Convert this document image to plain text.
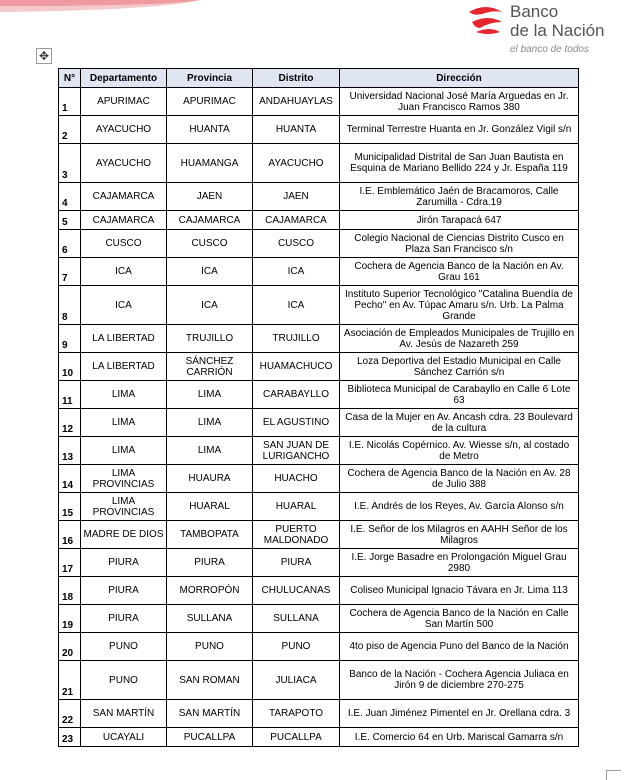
Banco
de la Nación
el banco de todos
✥
N°	Departamento	Provincia	Distrito	Dirección
1	APURIMAC	APURIMAC	ANDAHUAYLAS	Universidad Nacional José María Arguedas en Jr. Juan Francisco Ramos 380
2	AYACUCHO	HUANTA	HUANTA	Terminal Terrestre Huanta en Jr. González Vigil s/n
3	AYACUCHO	HUAMANGA	AYACUCHO	Municipalidad Distrital de San Juan Bautista en Esquina de Mariano Bellido 224 y Jr. España 119
4	CAJAMARCA	JAEN	JAEN	I.E. Emblemático Jaén de Bracamoros, Calle Zarumilla - Cdra.19
5	CAJAMARCA	CAJAMARCA	CAJAMARCA	Jirón Tarapacá 647
6	CUSCO	CUSCO	CUSCO	Colegio Nacional de Ciencias Distrito Cusco en Plaza San Francisco s/n
7	ICA	ICA	ICA	Cochera de Agencia Banco de la Nación en Av. Grau 161
8	ICA	ICA	ICA	Instituto Superior Tecnológico "Catalina Buendía de Pecho" en Av. Túpac Amaru s/n. Urb. La Palma Grande
9	LA LIBERTAD	TRUJILLO	TRUJILLO	Asociación de Empleados Municipales de Trujillo en Av. Jesús de Nazareth 259
10	LA LIBERTAD	SÁNCHEZ CARRIÓN	HUAMACHUCO	Loza Deportiva del Estadio Municipal en Calle Sánchez Carrión s/n
11	LIMA	LIMA	CARABAYLLO	Biblioteca Municipal de Carabayllo en Calle 6 Lote 63
12	LIMA	LIMA	EL AGUSTINO	Casa de la Mujer en Av. Ancash cdra. 23 Boulevard de la cultura
13	LIMA	LIMA	SAN JUAN DE LURIGANCHO	I.E. Nicolás Copérnico. Av. Wiesse s/n, al costado de Metro
14	LIMA PROVINCIAS	HUAURA	HUACHO	Cochera de Agencia Banco de la Nación en Av. 28 de Julio 388
15	LIMA PROVINCIAS	HUARAL	HUARAL	I.E. Andrés de los Reyes, Av. García Alonso s/n
16	MADRE DE DIOS	TAMBOPATA	PUERTO MALDONADO	I.E. Señor de los Milagros en AAHH Señor de los Milagros
17	PIURA	PIURA	PIURA	I.E. Jorge Basadre en Prolongación Miguel Grau 2980
18	PIURA	MORROPÓN	CHULUCANAS	Coliseo Municipal Ignacio Távara en Jr. Lima 113
19	PIURA	SULLANA	SULLANA	Cochera de Agencia Banco de la Nación en Calle San Martín 500
20	PUNO	PUNO	PUNO	4to piso de Agencia Puno del Banco de la Nación
21	PUNO	SAN ROMAN	JULIACA	Banco de la Nación - Cochera Agencia Juliaca en Jirón 9 de diciembre 270-275
22	SAN MARTÍN	SAN MARTÍN	TARAPOTO	I.E. Juan Jiménez Pimentel en Jr. Orellana cdra. 3
23	UCAYALI	PUCALLPA	PUCALLPA	I.E. Comercio 64 en Urb. Mariscal Gamarra s/n
